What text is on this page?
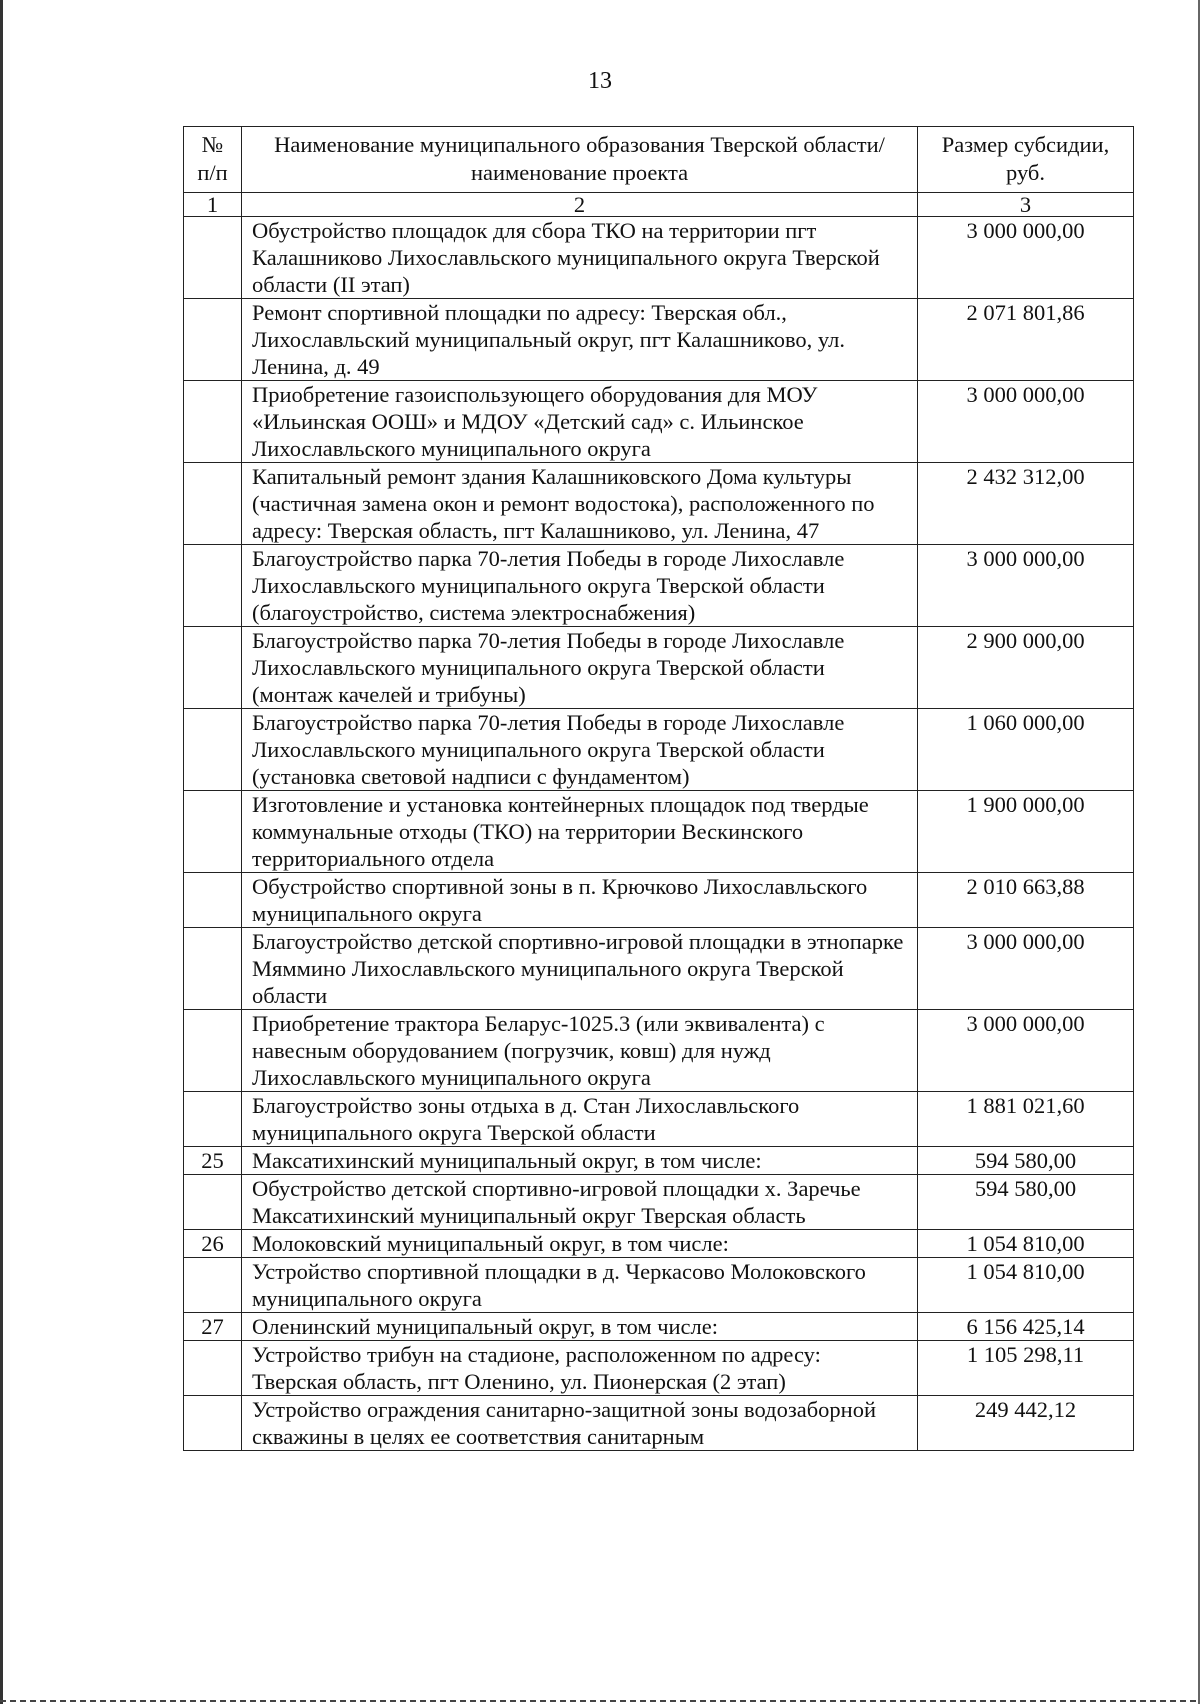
13
№ п/п	Наименование муниципального образования Тверской области/наименование проекта	Размер субсидии, руб.
1	2	3
	Обустройство площадок для сбора ТКО на территории пгт Калашниково Лихославльского муниципального округа Тверской области (II этап)	3 000 000,00
	Ремонт спортивной площадки по адресу: Тверская обл., Лихославльский муниципальный округ, пгт Калашниково, ул. Ленина, д. 49	2 071 801,86
	Приобретение газоиспользующего оборудования для МОУ «Ильинская ООШ» и МДОУ «Детский сад» с. Ильинское Лихославльского муниципального округа	3 000 000,00
	Капитальный ремонт здания Калашниковского Дома культуры (частичная замена окон и ремонт водостока), расположенного по адресу: Тверская область, пгт Калашниково, ул. Ленина, 47	2 432 312,00
	Благоустройство парка 70-летия Победы в городе Лихославле Лихославльского муниципального округа Тверской области (благоустройство, система электроснабжения)	3 000 000,00
	Благоустройство парка 70-летия Победы в городе Лихославле Лихославльского муниципального округа Тверской области (монтаж качелей и трибуны)	2 900 000,00
	Благоустройство парка 70-летия Победы в городе Лихославле Лихославльского муниципального округа Тверской области (установка световой надписи с фундаментом)	1 060 000,00
	Изготовление и установка контейнерных площадок под твердые коммунальные отходы (ТКО) на территории Вескинского территориального отдела	1 900 000,00
	Обустройство спортивной зоны в п. Крючково Лихославльского муниципального округа	2 010 663,88
	Благоустройство детской спортивно-игровой площадки в этнопарке Мяммино Лихославльского муниципального округа Тверской области	3 000 000,00
	Приобретение трактора Беларус-1025.3 (или эквивалента) с навесным оборудованием (погрузчик, ковш) для нужд Лихославльского муниципального округа	3 000 000,00
	Благоустройство зоны отдыха в д. Стан Лихославльского муниципального округа Тверской области	1 881 021,60
25	Максатихинский муниципальный округ, в том числе:	594 580,00
	Обустройство детской спортивно-игровой площадки х. Заречье Максатихинский муниципальный округ Тверская область	594 580,00
26	Молоковский муниципальный округ, в том числе:	1 054 810,00
	Устройство спортивной площадки в д. Черкасово Молоковского муниципального округа	1 054 810,00
27	Оленинский муниципальный округ, в том числе:	6 156 425,14
	Устройство трибун на стадионе, расположенном по адресу: Тверская область, пгт Оленино, ул. Пионерская (2 этап)	1 105 298,11
	Устройство ограждения санитарно-защитной зоны водозаборной скважины в целях ее соответствия санитарным	249 442,12
